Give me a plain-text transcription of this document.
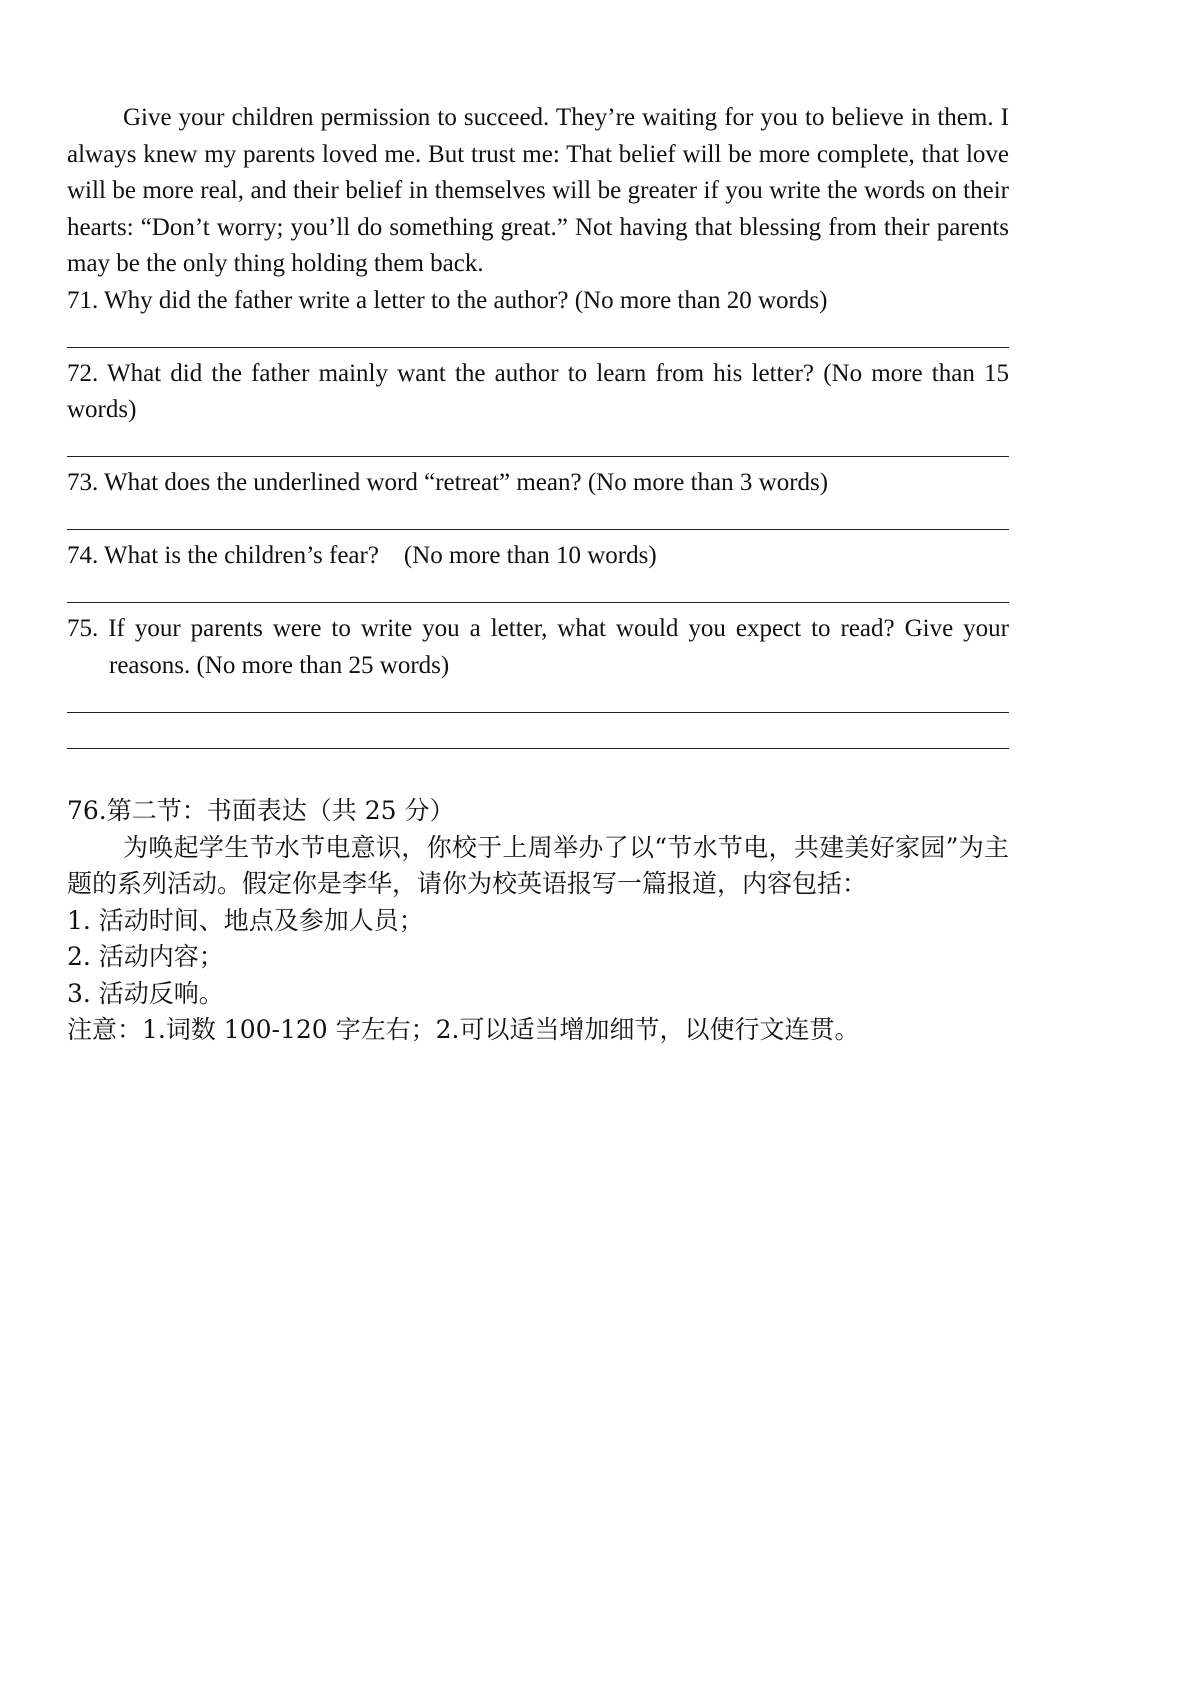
Give your children permission to succeed. They’re waiting for you to believe in them. I always knew my parents loved me. But trust me: That belief will be more complete, that love will be more real, and their belief in themselves will be greater if you write the words on their hearts: “Don’t worry; you’ll do something great.” Not having that blessing from their parents may be the only thing holding them back.

71. Why did the father write a letter to the author? (No more than 20 words)

72. What did the father mainly want the author to learn from his letter? (No more than 15 words)

73. What does the underlined word “retreat” mean? (No more than 3 words)

74. What is the children’s fear?    (No more than 10 words)

75. If your parents were to write you a letter, what would you expect to read? Give your reasons. (No more than 25 words)

76.第二节：书面表达（共 25 分）

为唤起学生节水节电意识，你校于上周举办了以“节水节电，共建美好家园”为主题的系列活动。假定你是李华，请你为校英语报写一篇报道，内容包括：

1. 活动时间、地点及参加人员；

2. 活动内容；

3. 活动反响。

注意：1.词数 100-120 字左右；2.可以适当增加细节，以使行文连贯。
